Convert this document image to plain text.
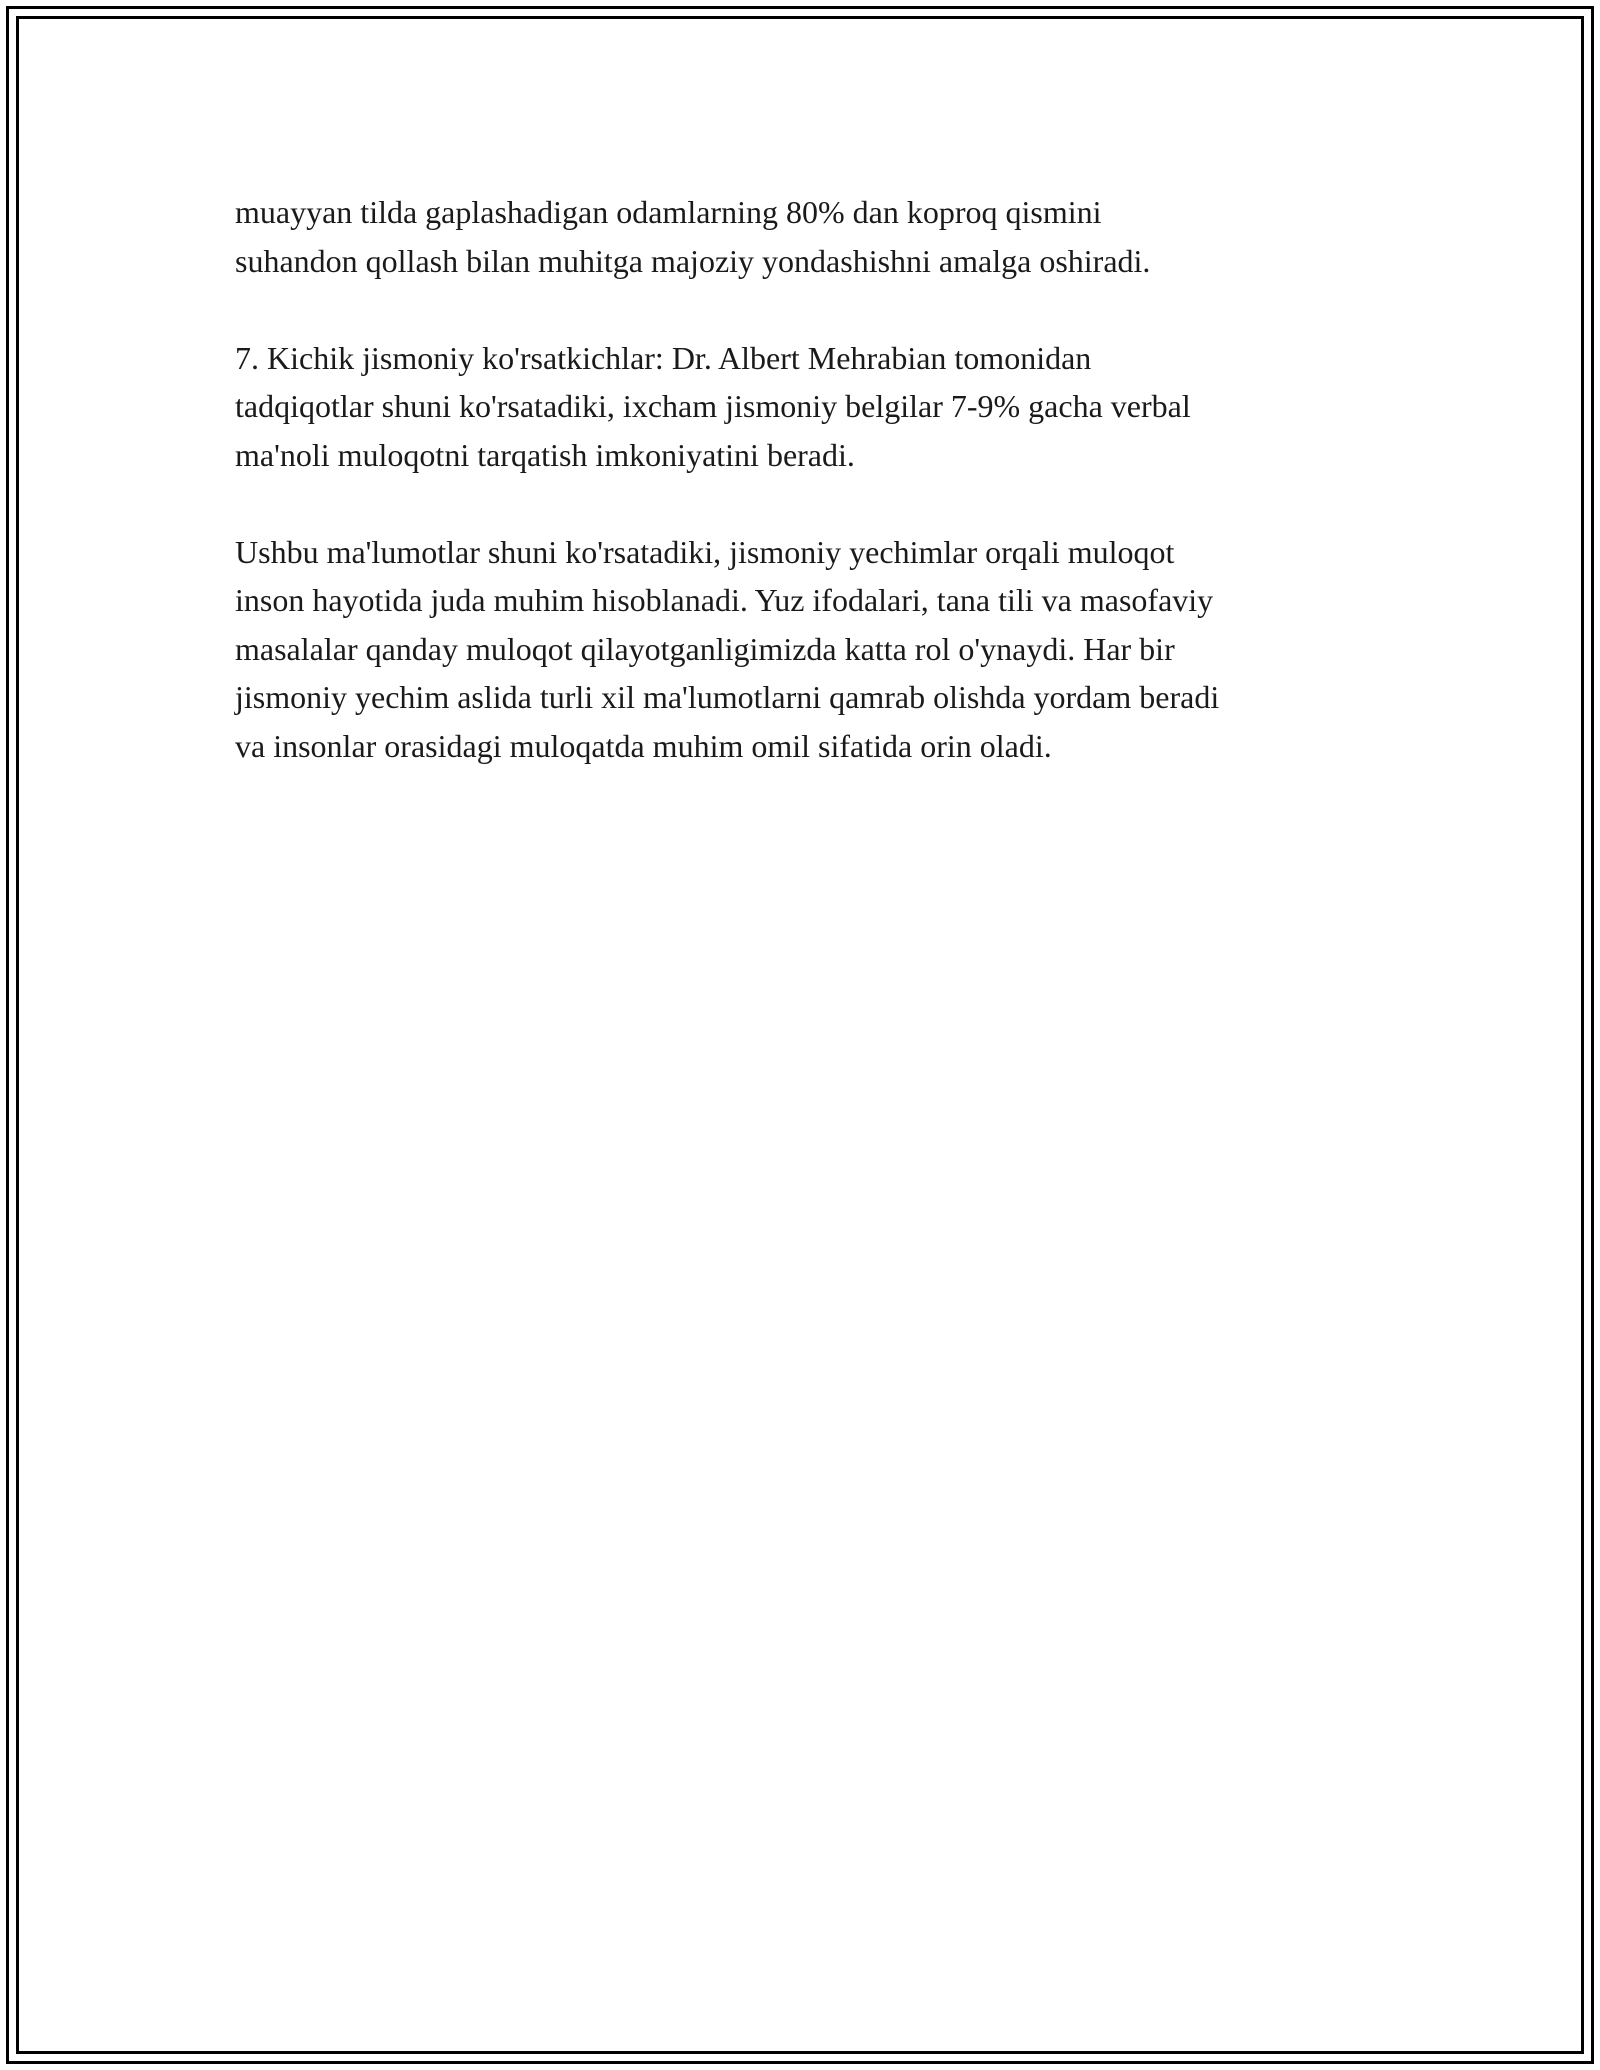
muayyan tilda gaplashadigan odamlarning 80% dan koproq qismini
suhandon qollash bilan muhitga majoziy yondashishni amalga oshiradi.

7. Kichik jismoniy ko'rsatkichlar: Dr. Albert Mehrabian tomonidan
tadqiqotlar shuni ko'rsatadiki, ixcham jismoniy belgilar 7-9% gacha verbal
ma'noli muloqotni tarqatish imkoniyatini beradi.

Ushbu ma'lumotlar shuni ko'rsatadiki, jismoniy yechimlar orqali muloqot
inson hayotida juda muhim hisoblanadi. Yuz ifodalari, tana tili va masofaviy
masalalar qanday muloqot qilayotganligimizda katta rol o'ynaydi. Har bir
jismoniy yechim aslida turli xil ma'lumotlarni qamrab olishda yordam beradi
va insonlar orasidagi muloqatda muhim omil sifatida orin oladi.
